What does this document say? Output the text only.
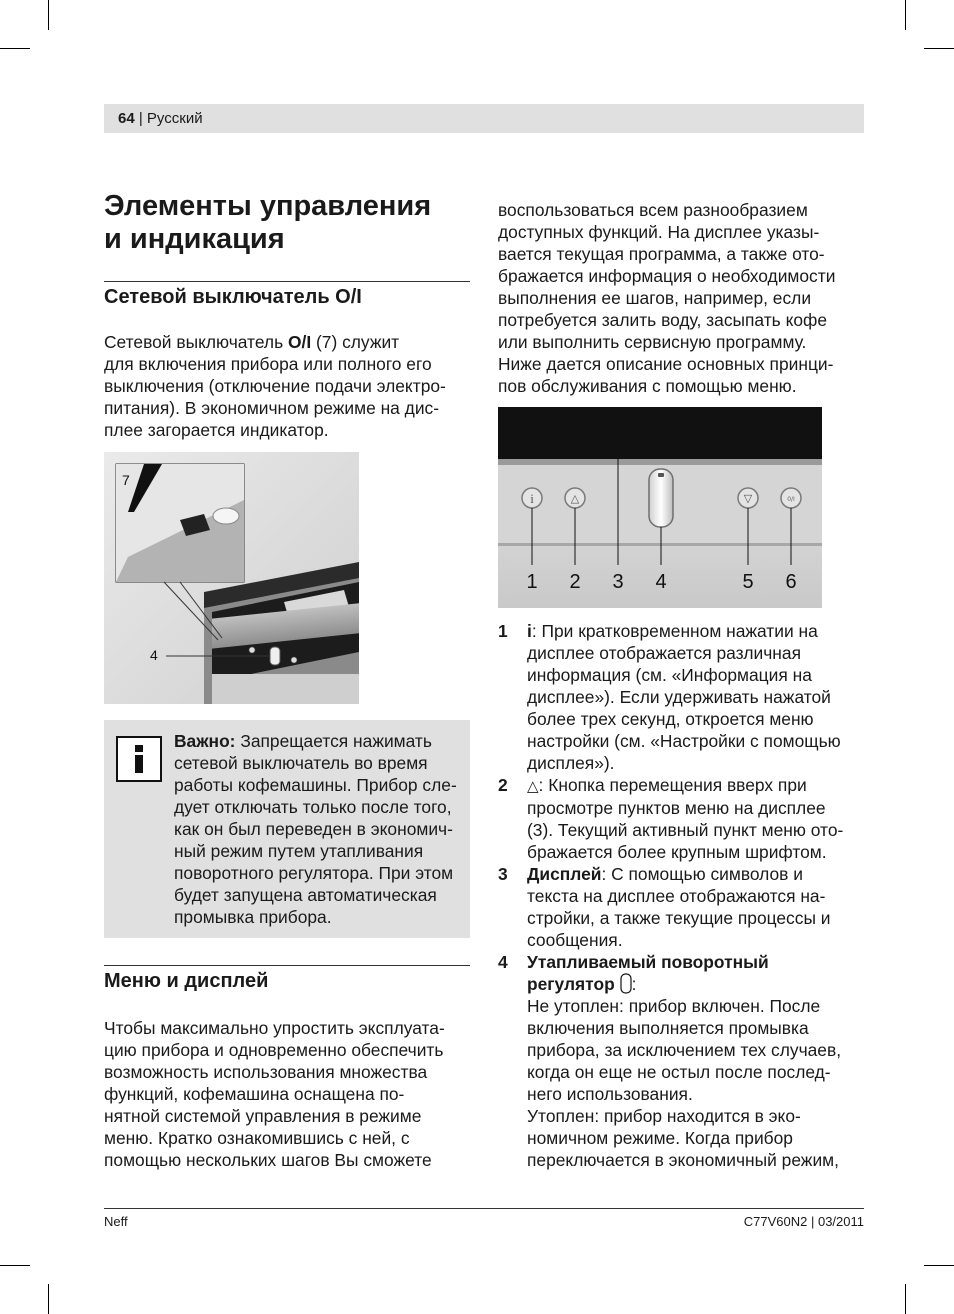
64 | Русский
Элементы управления
и индикация
Сетевой выключатель O/I

Сетевой выключатель O/I (7) служит

для включения прибора или полного его

выключения (отключение подачи электро-

питания). В экономичном режиме на дис-

плее загорается индикатор.

7
4

Важно: Запрещается нажимать

сетевой выключатель во время

работы кофемашины. Прибор сле-

дует отключать только после того,

как он был переведен в экономич-

ный режим путем утапливания

поворотного регулятора. При этом

будет запущена автоматическая

промывка прибора.

Меню и дисплей

Чтобы максимально упростить эксплуата-

цию прибора и одновременно обеспечить

возможность использования множества

функций, кофемашина оснащена по-

нятной системой управления в режиме

меню. Кратко ознакомившись с ней, с

помощью нескольких шагов Вы сможете

воспользоваться всем разнообразием

доступных функций. На дисплее указы-

вается текущая программа, а также ото-

бражается информация о необходимости

выполнения ее шагов, например, если

потребуется залить воду, засыпать кофе

или выполнить сервисную программу.

Ниже дается описание основных принци-

пов обслуживания с помощью меню.

i	△	▽	0/I
1 2 3 4	5 6
1 i: При кратковременном нажатии на

дисплее отображается различная

информация (см. «Информация на

дисплее»). Если удерживать нажатой

более трех секунд, откроется меню

настройки (см. «Настройки с помощью

дисплея»).

2 △: Кнопка перемещения вверх при

просмотре пунктов меню на дисплее

(3). Текущий активный пункт меню ото-

бражается более крупным шрифтом.

3 Дисплей: С помощью символов и

текста на дисплее отображаются на-

стройки, а также текущие процессы и

сообщения.

4 Утапливаемый поворотный

регулятор :

Не утоплен: прибор включен. После

включения выполняется промывка

прибора, за исключением тех случаев,

когда он еще не остыл после послед-

него использования.

Утоплен: прибор находится в эко-

номичном режиме. Когда прибор

переключается в экономичный режим,

Neff	C77V60N2 | 03/2011
